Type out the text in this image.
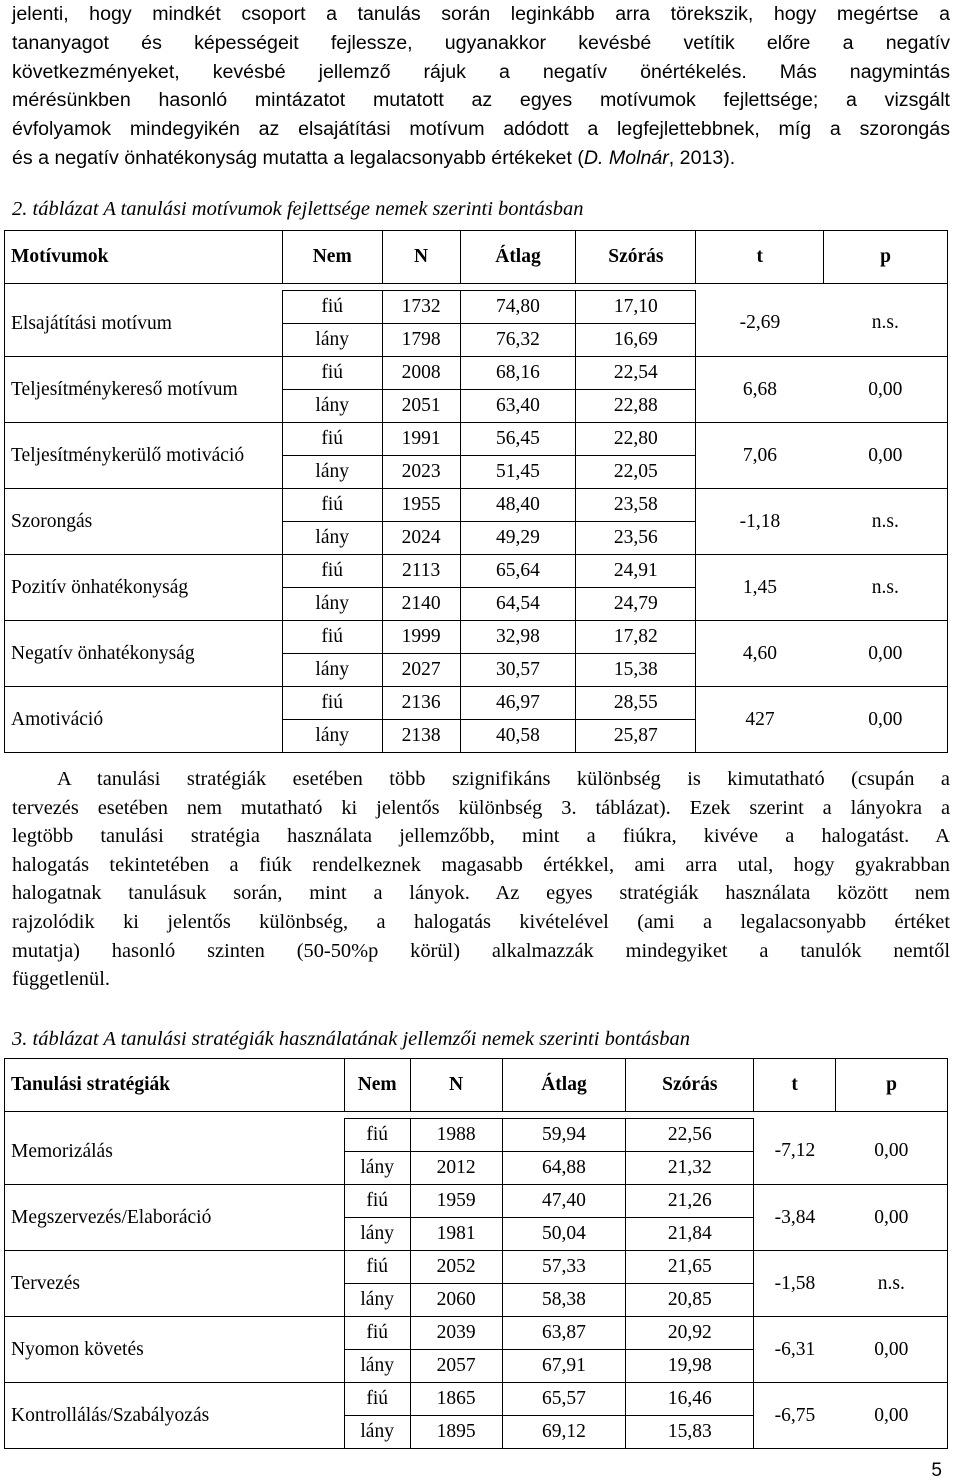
jelenti, hogy mindkét csoport a tanulás során leginkább arra törekszik, hogy megértse a
tananyagot és képességeit fejlessze, ugyanakkor kevésbé vetítik előre a negatív
következményeket, kevésbé jellemző rájuk a negatív önértékelés. Más nagymintás
mérésünkben hasonló mintázatot mutatott az egyes motívumok fejlettsége; a vizsgált
évfolyamok mindegyikén az elsajátítási motívum adódott a legfejlettebbnek, míg a szorongás
és a negatív önhatékonyság mutatta a legalacsonyabb értékeket (D. Molnár, 2013).
2. táblázat A tanulási motívumok fejlettsége nemek szerinti bontásban
Motívumok	Nem	N	Átlag	Szórás	t	p

Elsajátítási motívum	fiú	1732	74,80	17,10	-2,69	n.s.
	lány	1798	76,32	16,69		
Teljesítménykereső motívum	fiú	2008	68,16	22,54	6,68	0,00
	lány	2051	63,40	22,88		
Teljesítménykerülő motiváció	fiú	1991	56,45	22,80	7,06	0,00
	lány	2023	51,45	22,05		
Szorongás	fiú	1955	48,40	23,58	-1,18	n.s.
	lány	2024	49,29	23,56		
Pozitív önhatékonyság	fiú	2113	65,64	24,91	1,45	n.s.
	lány	2140	64,54	24,79		
Negatív önhatékonyság	fiú	1999	32,98	17,82	4,60	0,00
	lány	2027	30,57	15,38		
Amotiváció	fiú	2136	46,97	28,55	427	0,00
	lány	2138	40,58	25,87		
A tanulási stratégiák esetében több szignifikáns különbség is kimutatható (csupán a
tervezés esetében nem mutatható ki jelentős különbség 3. táblázat). Ezek szerint a lányokra a
legtöbb tanulási stratégia használata jellemzőbb, mint a fiúkra, kivéve a halogatást. A
halogatás tekintetében a fiúk rendelkeznek magasabb értékkel, ami arra utal, hogy gyakrabban
halogatnak tanulásuk során, mint a lányok. Az egyes stratégiák használata között nem
rajzolódik ki jelentős különbség, a halogatás kivételével (ami a legalacsonyabb értéket
mutatja) hasonló szinten (50-50%p körül) alkalmazzák mindegyiket a tanulók nemtől
függetlenül.
3. táblázat A tanulási stratégiák használatának jellemzői nemek szerinti bontásban
Tanulási stratégiák	Nem	N	Átlag	Szórás	t	p

Memorizálás	fiú	1988	59,94	22,56	-7,12	0,00
	lány	2012	64,88	21,32		
Megszervezés/Elaboráció	fiú	1959	47,40	21,26	-3,84	0,00
	lány	1981	50,04	21,84		
Tervezés	fiú	2052	57,33	21,65	-1,58	n.s.
	lány	2060	58,38	20,85		
Nyomon követés	fiú	2039	63,87	20,92	-6,31	0,00
	lány	2057	67,91	19,98		
Kontrollálás/Szabályozás	fiú	1865	65,57	16,46	-6,75	0,00
	lány	1895	69,12	15,83		
5
